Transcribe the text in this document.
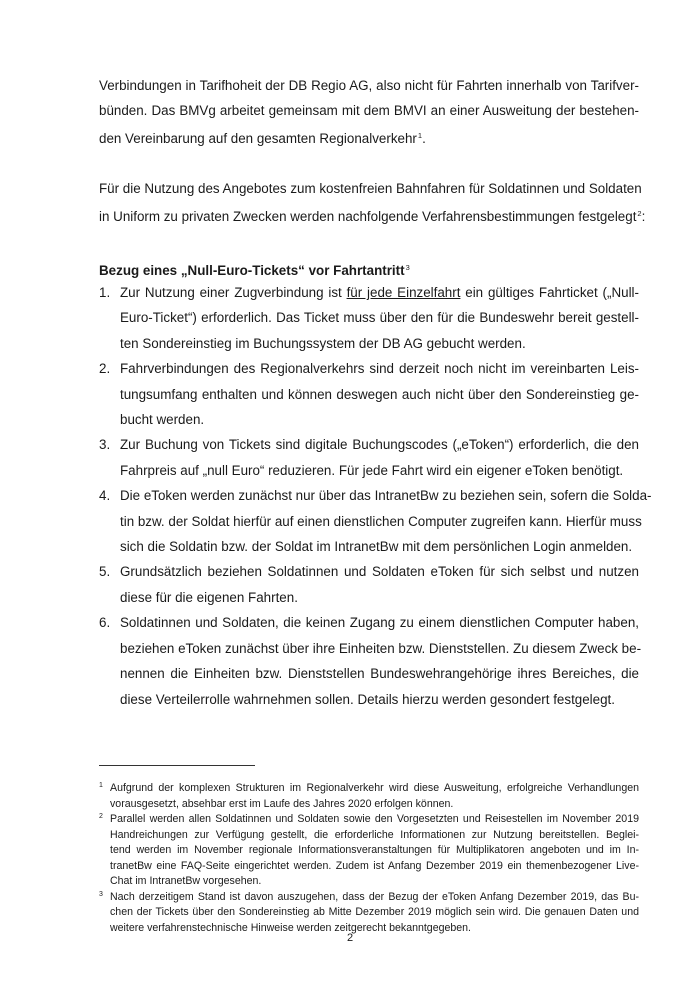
Verbindungen in Tarifhoheit der DB Regio AG, also nicht für Fahrten innerhalb von Tarifver-
bünden. Das BMVg arbeitet gemeinsam mit dem BMVI an einer Ausweitung der bestehen-
den Vereinbarung auf den gesamten Regionalverkehr$^1$.
Für die Nutzung des Angebotes zum kostenfreien Bahnfahren für Soldatinnen und Soldaten
in Uniform zu privaten Zwecken werden nachfolgende Verfahrensbestimmungen festgelegt$^2$:
Bezug eines „Null-Euro-Tickets“ vor Fahrtantritt$^3$
1. Zur Nutzung einer Zugverbindung ist für jede Einzelfahrt ein gültiges Fahrticket („Null-
Euro-Ticket“) erforderlich. Das Ticket muss über den für die Bundeswehr bereit gestell-
ten Sondereinstieg im Buchungssystem der DB AG gebucht werden.
2. Fahrverbindungen des Regionalverkehrs sind derzeit noch nicht im vereinbarten Leis-
tungsumfang enthalten und können deswegen auch nicht über den Sondereinstieg ge-
bucht werden.
3. Zur Buchung von Tickets sind digitale Buchungscodes („eToken“) erforderlich, die den
Fahrpreis auf „null Euro“ reduzieren. Für jede Fahrt wird ein eigener eToken benötigt.
4. Die eToken werden zunächst nur über das IntranetBw zu beziehen sein, sofern die Solda-
tin bzw. der Soldat hierfür auf einen dienstlichen Computer zugreifen kann. Hierfür muss
sich die Soldatin bzw. der Soldat im IntranetBw mit dem persönlichen Login anmelden.
5. Grundsätzlich beziehen Soldatinnen und Soldaten eToken für sich selbst und nutzen
diese für die eigenen Fahrten.
6. Soldatinnen und Soldaten, die keinen Zugang zu einem dienstlichen Computer haben,
beziehen eToken zunächst über ihre Einheiten bzw. Dienststellen. Zu diesem Zweck be-
nennen die Einheiten bzw. Dienststellen Bundeswehrangehörige ihres Bereiches, die
diese Verteilerrolle wahrnehmen sollen. Details hierzu werden gesondert festgelegt.
1 Aufgrund der komplexen Strukturen im Regionalverkehr wird diese Ausweitung, erfolgreiche Verhandlungen
vorausgesetzt, absehbar erst im Laufe des Jahres 2020 erfolgen können.
2 Parallel werden allen Soldatinnen und Soldaten sowie den Vorgesetzten und Reisestellen im November 2019
Handreichungen zur Verfügung gestellt, die erforderliche Informationen zur Nutzung bereitstellen. Beglei-
tend werden im November regionale Informationsveranstaltungen für Multiplikatoren angeboten und im In-
tranetBw eine FAQ-Seite eingerichtet werden. Zudem ist Anfang Dezember 2019 ein themenbezogener Live-
Chat im IntranetBw vorgesehen.
3 Nach derzeitigem Stand ist davon auszugehen, dass der Bezug der eToken Anfang Dezember 2019, das Bu-
chen der Tickets über den Sondereinstieg ab Mitte Dezember 2019 möglich sein wird. Die genauen Daten und
weitere verfahrenstechnische Hinweise werden zeitgerecht bekanntgegeben.
2
